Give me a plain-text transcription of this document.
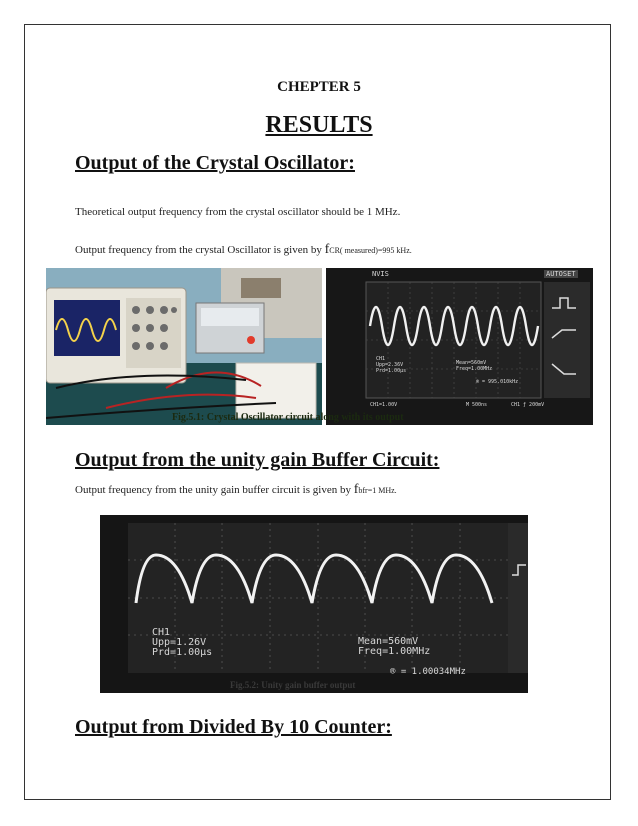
CHEPTER 5
RESULTS
Output of the Crystal Oscillator:
Theoretical output frequency from the crystal oscillator should be 1 MHz.
Output frequency from the crystal Oscillator is given by fCR( measured)=995 kHz.
NVIS	AUTOSET
CH1
Upp=2.36V
Prd=1.00µs
Mean=560mV
Freq=1.00MHz
® = 995.010kHz
CH1=1.00V	M 500ns	CH1 ƒ 200mV
Fig.5.1: Crystal Oscillator circuit along with its output
Output from the unity gain Buffer Circuit:
Output frequency from the unity gain buffer circuit is given by fbfr=1 MHz.
CH1
Upp=1.26V
Prd=1.00µs
Mean=560mV
Freq=1.00MHz
® = 1.00034MHz
Fig.5.2: Unity gain buffer output
Output from Divided By 10 Counter:
